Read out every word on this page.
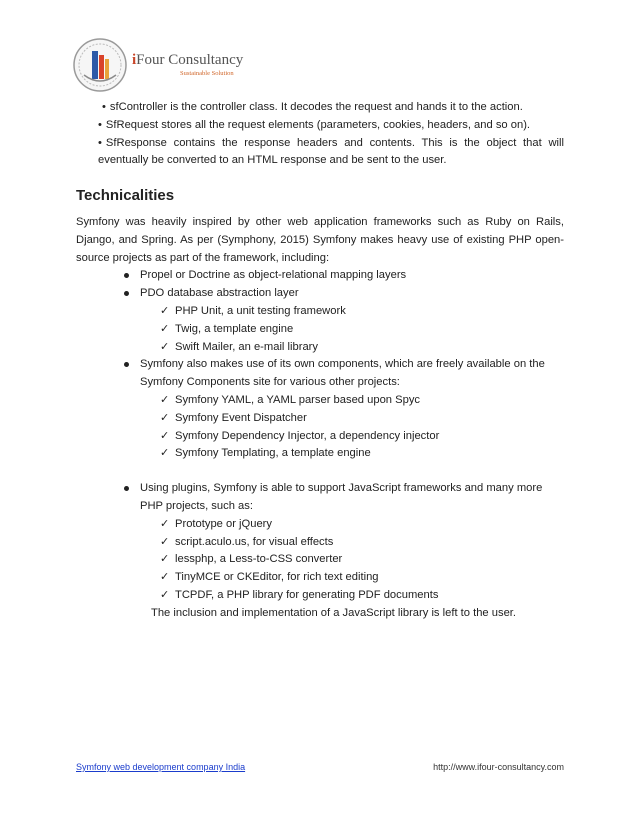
iFour Consultancy
Sustainable Solution

• sfController is the controller class. It decodes the request and hands it to the action.

• SfRequest stores all the request elements (parameters, cookies, headers, and so on).

• SfResponse contains the response headers and contents. This is the object that will eventually be converted to an HTML response and be sent to the user.

Technicalities

Symfony was heavily inspired by other web application frameworks such as Ruby on Rails, Django, and Spring. As per (Symphony, 2015) Symfony makes heavy use of existing PHP open-source projects as part of the framework, including:

Propel or Doctrine as object-relational mapping layers
PDO database abstraction layer
✓ PHP Unit, a unit testing framework
✓ Twig, a template engine
✓ Swift Mailer, an e-mail library
Symfony also makes use of its own components, which are freely available on the Symfony Components site for various other projects:
✓ Symfony YAML, a YAML parser based upon Spyc
✓ Symfony Event Dispatcher
✓ Symfony Dependency Injector, a dependency injector
✓ Symfony Templating, a template engine
Using plugins, Symfony is able to support JavaScript frameworks and many more PHP projects, such as:
✓ Prototype or jQuery
✓ script.aculo.us, for visual effects
✓ lessphp, a Less-to-CSS converter
✓ TinyMCE or CKEditor, for rich text editing
✓ TCPDF, a PHP library for generating PDF documents

The inclusion and implementation of a JavaScript library is left to the user.

Symfony web development company India	http://www.ifour-consultancy.com
